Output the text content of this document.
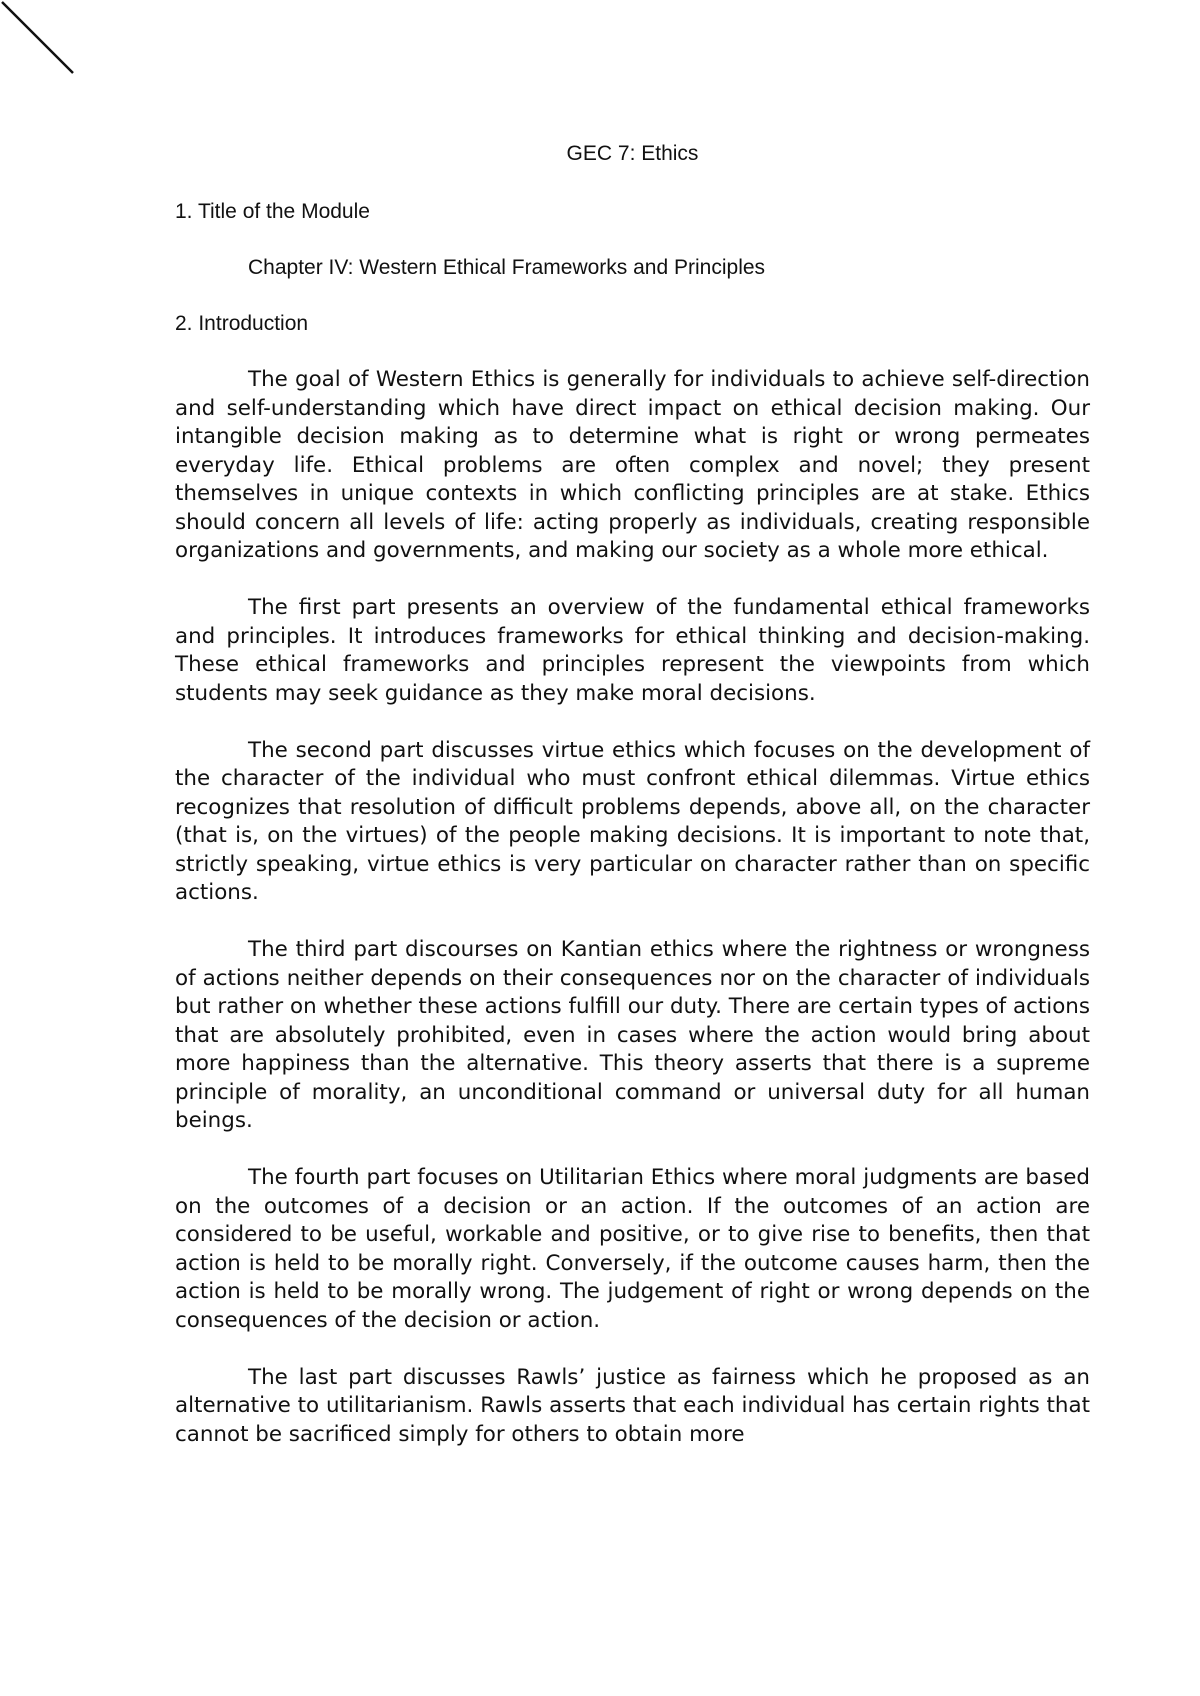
GEC 7: Ethics
1. Title of the Module
Chapter IV: Western Ethical Frameworks and Principles
2. Introduction

The goal of Western Ethics is generally for individuals to achieve self-direction and self-understanding which have direct impact on ethical decision making. Our intangible decision making as to determine what is right or wrong permeates everyday life. Ethical problems are often complex and novel; they present themselves in unique contexts in which conflicting principles are at stake. Ethics should concern all levels of life: acting properly as individuals, creating responsible organizations and governments, and making our society as a whole more ethical.

The first part presents an overview of the fundamental ethical frameworks and principles. It introduces frameworks for ethical thinking and decision-making. These ethical frameworks and principles represent the viewpoints from which students may seek guidance as they make moral decisions.

The second part discusses virtue ethics which focuses on the development of the character of the individual who must confront ethical dilemmas. Virtue ethics recognizes that resolution of difficult problems depends, above all, on the character (that is, on the virtues) of the people making decisions. It is important to note that, strictly speaking, virtue ethics is very particular on character rather than on specific actions.

The third part discourses on Kantian ethics where the rightness or wrongness of actions neither depends on their consequences nor on the character of individuals but rather on whether these actions fulfill our duty. There are certain types of actions that are absolutely prohibited, even in cases where the action would bring about more happiness than the alternative. This theory asserts that there is a supreme principle of morality, an unconditional command or universal duty for all human beings.

The fourth part focuses on Utilitarian Ethics where moral judgments are based on the outcomes of a decision or an action. If the outcomes of an action are considered to be useful, workable and positive, or to give rise to benefits, then that action is held to be morally right. Conversely, if the outcome causes harm, then the action is held to be morally wrong. The judgement of right or wrong depends on the consequences of the decision or action.

The last part discusses Rawls’ justice as fairness which he proposed as an alternative to utilitarianism. Rawls asserts that each individual has certain rights that cannot be sacrificed simply for others to obtain more
